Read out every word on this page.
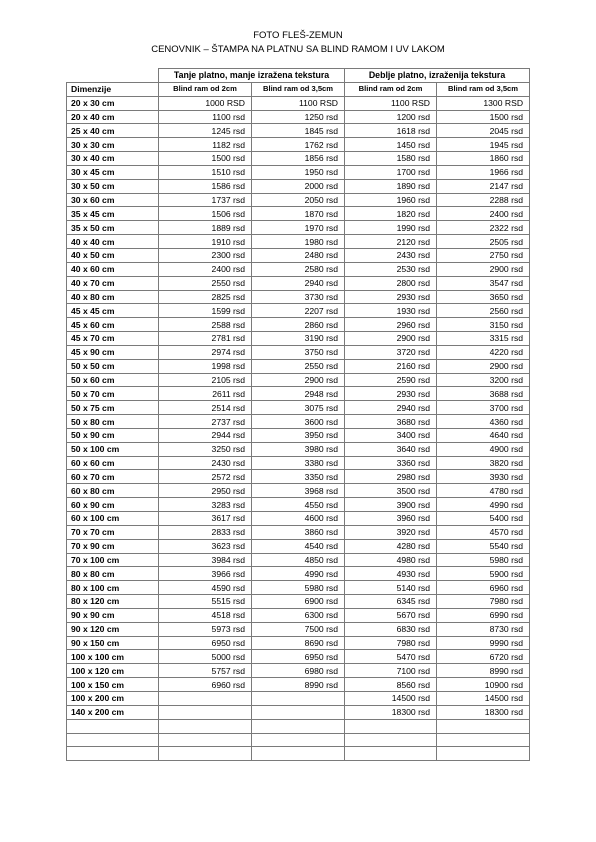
FOTO FLEŠ-ZEMUN
CENOVNIK – ŠTAMPA NA PLATNU SA BLIND RAMOM I UV LAKOM
	Tanje platno, manje izražena tekstura		Deblje platno, izraženija tekstura	
Dimenzije	Blind ram od 2cm	Blind ram od 3,5cm	Blind ram od 2cm	Blind ram od 3,5cm
20 x 30 cm	1000 RSD	1100 RSD	1100 RSD	1300 RSD
20 x 40 cm	1100 rsd	1250 rsd	1200 rsd	1500 rsd
25 x 40 cm	1245 rsd	1845 rsd	1618 rsd	2045 rsd
30 x 30 cm	1182 rsd	1762 rsd	1450 rsd	1945 rsd
30 x 40 cm	1500 rsd	1856 rsd	1580 rsd	1860 rsd
30 x 45 cm	1510 rsd	1950 rsd	1700 rsd	1966 rsd
30 x 50 cm	1586 rsd	2000 rsd	1890 rsd	2147 rsd
30 x 60 cm	1737 rsd	2050 rsd	1960 rsd	2288 rsd
35 x 45 cm	1506 rsd	1870 rsd	1820 rsd	2400 rsd
35 x 50 cm	1889 rsd	1970 rsd	1990 rsd	2322 rsd
40 x 40 cm	1910 rsd	1980 rsd	2120 rsd	2505 rsd
40 x 50 cm	2300 rsd	2480 rsd	2430 rsd	2750 rsd
40 x 60 cm	2400 rsd	2580 rsd	2530 rsd	2900 rsd
40 x 70 cm	2550 rsd	2940 rsd	2800 rsd	3547 rsd
40 x 80 cm	2825 rsd	3730 rsd	2930 rsd	3650 rsd
45 x 45 cm	1599 rsd	2207 rsd	1930 rsd	2560 rsd
45 x 60 cm	2588 rsd	2860 rsd	2960 rsd	3150 rsd
45 x 70 cm	2781 rsd	3190 rsd	2900 rsd	3315 rsd
45 x 90 cm	2974 rsd	3750 rsd	3720 rsd	4220 rsd
50 x 50 cm	1998 rsd	2550 rsd	2160 rsd	2900 rsd
50 x 60 cm	2105 rsd	2900 rsd	2590 rsd	3200 rsd
50 x 70 cm	2611 rsd	2948 rsd	2930 rsd	3688 rsd
50 x 75 cm	2514 rsd	3075 rsd	2940 rsd	3700 rsd
50 x 80 cm	2737 rsd	3600 rsd	3680 rsd	4360 rsd
50 x 90 cm	2944 rsd	3950 rsd	3400 rsd	4640 rsd
50 x 100 cm	3250 rsd	3980 rsd	3640 rsd	4900 rsd
60 x 60 cm	2430 rsd	3380 rsd	3360 rsd	3820 rsd
60 x 70 cm	2572 rsd	3350 rsd	2980 rsd	3930 rsd
60 x 80 cm	2950 rsd	3968 rsd	3500 rsd	4780 rsd
60 x 90 cm	3283 rsd	4550 rsd	3900 rsd	4990 rsd
60 x 100 cm	3617 rsd	4600 rsd	3960 rsd	5400 rsd
70 x 70 cm	2833 rsd	3860 rsd	3920 rsd	4570 rsd
70 x 90 cm	3623 rsd	4540 rsd	4280 rsd	5540 rsd
70 x 100 cm	3984 rsd	4850 rsd	4980 rsd	5980 rsd
80 x 80 cm	3966 rsd	4990 rsd	4930 rsd	5900 rsd
80 x 100 cm	4590 rsd	5980 rsd	5140 rsd	6960 rsd
80 x 120 cm	5515 rsd	6900 rsd	6345 rsd	7980 rsd
90 x 90 cm	4518 rsd	6300 rsd	5670 rsd	6990 rsd
90 x 120 cm	5973 rsd	7500 rsd	6830 rsd	8730 rsd
90 x 150 cm	6950 rsd	8690 rsd	7980 rsd	9990 rsd
100 x 100 cm	5000 rsd	6950 rsd	5470 rsd	6720 rsd
100 x 120 cm	5757 rsd	6980 rsd	7100 rsd	8990 rsd
100 x 150 cm	6960 rsd	8990 rsd	8560 rsd	10900 rsd
100 x 200 cm			14500 rsd	14500 rsd
140 x 200 cm			18300 rsd	18300 rsd
